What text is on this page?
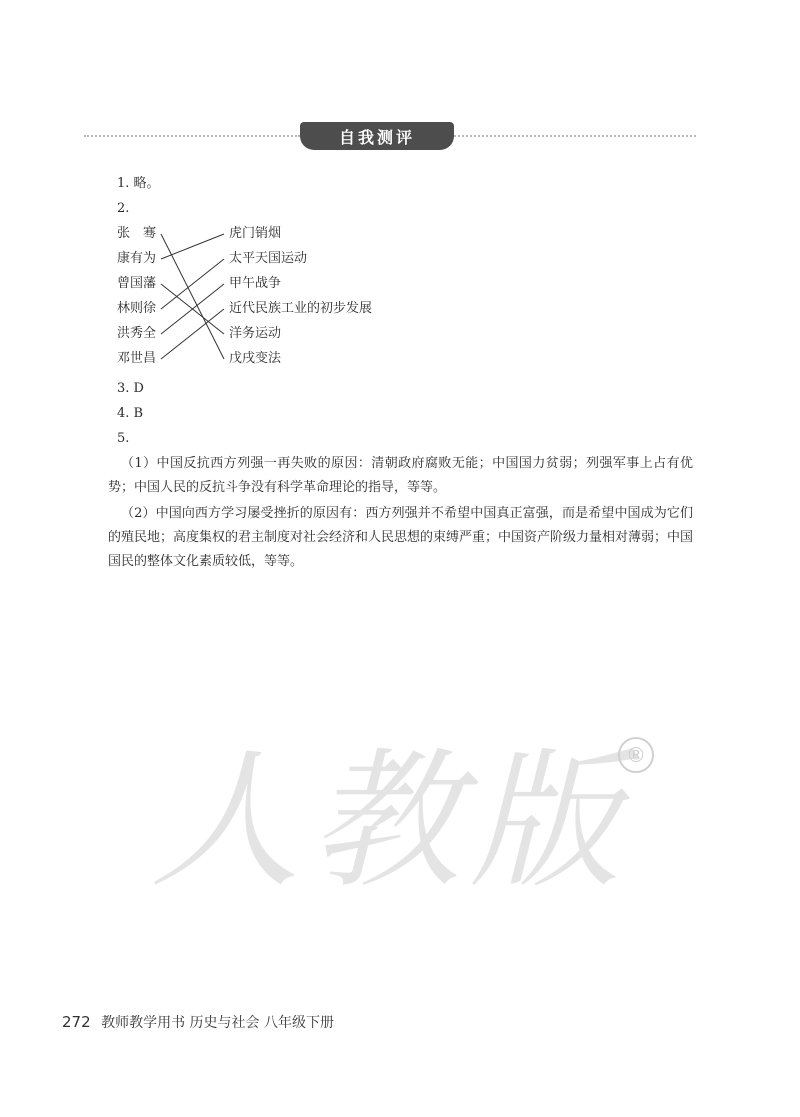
自我测评
1. 略。
2.
张　骞
康有为
曾国藩
林则徐
洪秀全
邓世昌
虎门销烟
太平天国运动
甲午战争
近代民族工业的初步发展
洋务运动
戊戌变法
3. D
4. B
5.
（1）中国反抗西方列强一再失败的原因：清朝政府腐败无能；中国国力贫弱；列强军事上占有优势；中国人民的反抗斗争没有科学革命理论的指导，等等。
（2）中国向西方学习屡受挫折的原因有：西方列强并不希望中国真正富强，而是希望中国成为它们的殖民地；高度集权的君主制度对社会经济和人民思想的束缚严重；中国资产阶级力量相对薄弱；中国国民的整体文化素质较低，等等。
人教版
®
272 教师教学用书 历史与社会 八年级下册
